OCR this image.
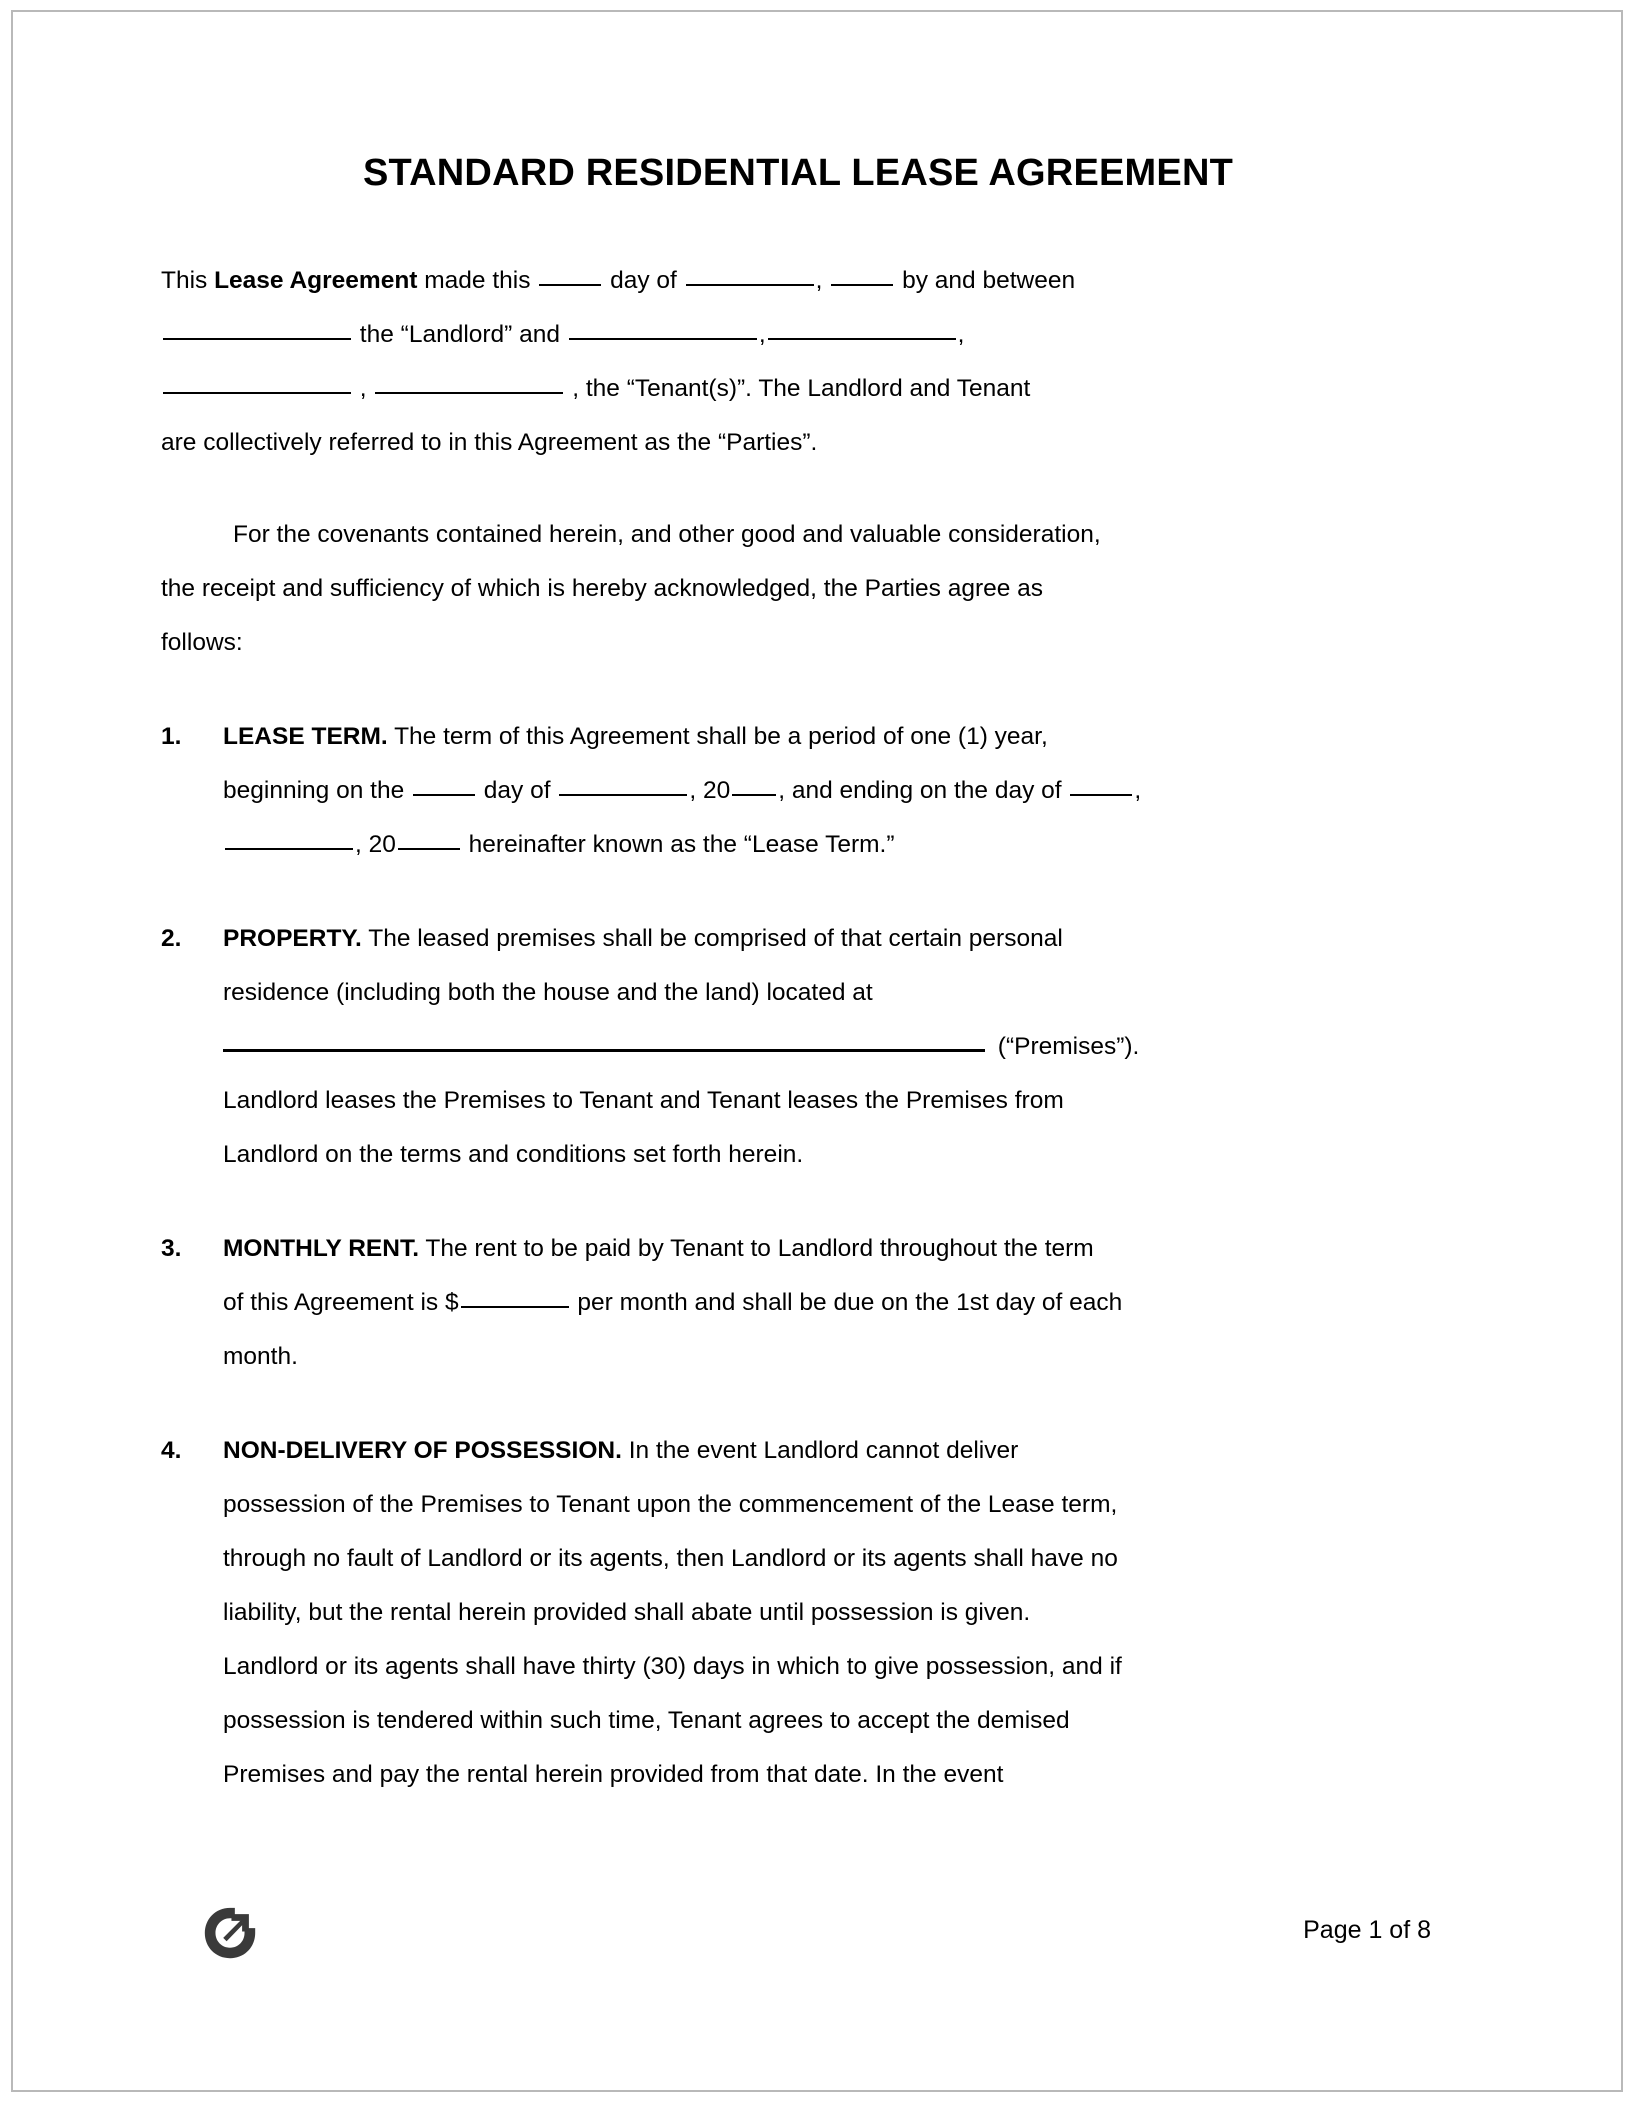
STANDARD RESIDENTIAL LEASE AGREEMENT

This Lease Agreement made this	day of	,	by and between
the “Landlord” and	,	,
,	, the “Tenant(s)”. The Landlord and Tenant
are collectively referred to in this Agreement as the “Parties”.

For the covenants contained herein, and other good and valuable consideration,
the receipt and sufficiency of which is hereby acknowledged, the Parties agree as
follows:

1.	LEASE TERM. The term of this Agreement shall be a period of one (1) year,
beginning on the	day of	, 20 , and ending on the day of	,
, 20	hereinafter known as the “Lease Term.”
2.	PROPERTY. The leased premises shall be comprised of that certain personal
residence (including both the house and the land) located at
(“Premises”).
Landlord leases the Premises to Tenant and Tenant leases the Premises from
Landlord on the terms and conditions set forth herein.
3.	MONTHLY RENT. The rent to be paid by Tenant to Landlord throughout the term
of this Agreement is $	per month and shall be due on the 1st day of each
month.
4.	NON-DELIVERY OF POSSESSION. In the event Landlord cannot deliver
possession of the Premises to Tenant upon the commencement of the Lease term,
through no fault of Landlord or its agents, then Landlord or its agents shall have no
liability, but the rental herein provided shall abate until possession is given.
Landlord or its agents shall have thirty (30) days in which to give possession, and if
possession is tendered within such time, Tenant agrees to accept the demised
Premises and pay the rental herein provided from that date. In the event
Page 1 of 8
